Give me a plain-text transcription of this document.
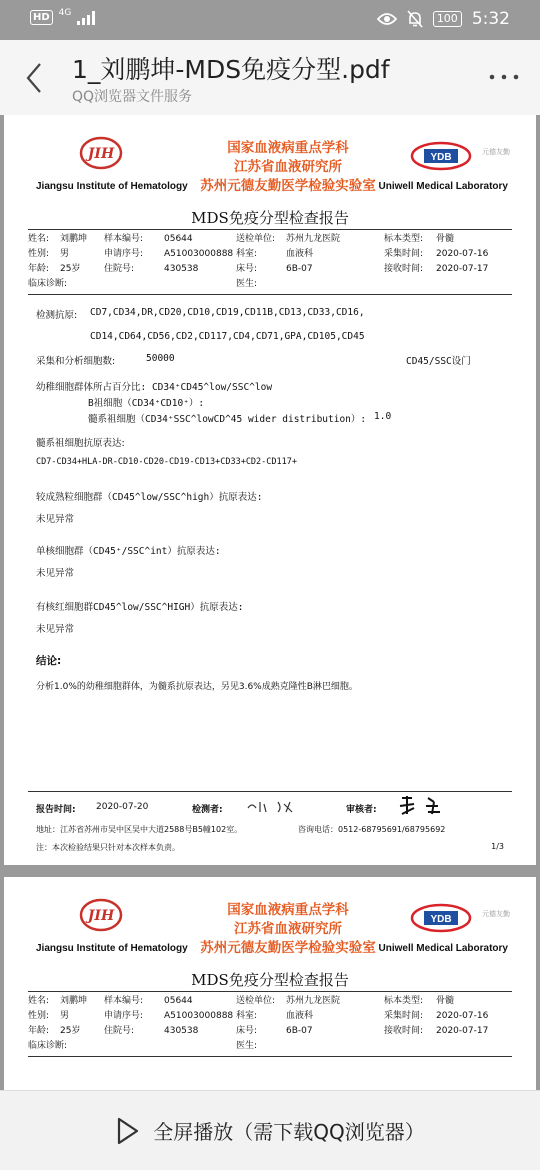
HD	4G	100 5:32
1_刘鹏坤-MDS免疫分型.pdf
QQ浏览器文件服务
JIH
Jiangsu Institute of Hematology
国家血液病重点学科
江苏省血液研究所
苏州元德友勤医学检验实验室
YDB	元德友勤
Uniwell Medical Laboratory
MDS免疫分型检查报告
姓名: 刘鹏坤 样本编号: 05644	送检单位: 苏州九龙医院	标本类型: 骨髓
性别: 男	申请序号: A51003000888 科室:	血液科	采集时间: 2020-07-16
年龄: 25岁	住院号:	430538	床号:	6B-07	接收时间: 2020-07-17
临床诊断:	医生:
检测抗原: CD7,CD34,DR,CD20,CD10,CD19,CD11B,CD13,CD33,CD16,
CD14,CD64,CD56,CD2,CD117,CD4,CD71,GPA,CD105,CD45
采集和分析细胞数:	50000	CD45/SSC设门
幼稚细胞群体所占百分比: CD34⁺CD45^low/SSC^low
B祖细胞（CD34⁺CD10⁺）:
髓系祖细胞（CD34⁺SSC^lowCD^45 wider distribution）: 1.0
髓系祖细胞抗原表达:
CD7-CD34+HLA-DR-CD10-CD20-CD19-CD13+CD33+CD2-CD117+
较成熟粒细胞群（CD45^low/SSC^high）抗原表达:
未见异常
单核细胞群（CD45⁺/SSC^int）抗原表达:
未见异常
有核红细胞群CD45^low/SSC^HIGH）抗原表达:
未见异常
结论:
分析1.0%的幼稚细胞群体，为髓系抗原表达，另见3.6%成熟克隆性B淋巴细胞。
报告时间: 2020-07-20	检测者:	审核者:
地址：江苏省苏州市吴中区吴中大道2588号B5幢102室。	咨询电话：0512-68795691/68795692
注：本次检验结果只针对本次样本负责。	1/3
JIH
Jiangsu Institute of Hematology
国家血液病重点学科
江苏省血液研究所
苏州元德友勤医学检验实验室
YDB	元德友勤
Uniwell Medical Laboratory
MDS免疫分型检查报告
姓名: 刘鹏坤 样本编号: 05644	送检单位: 苏州九龙医院	标本类型: 骨髓
性别: 男	申请序号: A51003000888 科室:	血液科	采集时间: 2020-07-16
年龄: 25岁	住院号:	430538	床号:	6B-07	接收时间: 2020-07-17
临床诊断:	医生:
全屏播放（需下载QQ浏览器）
